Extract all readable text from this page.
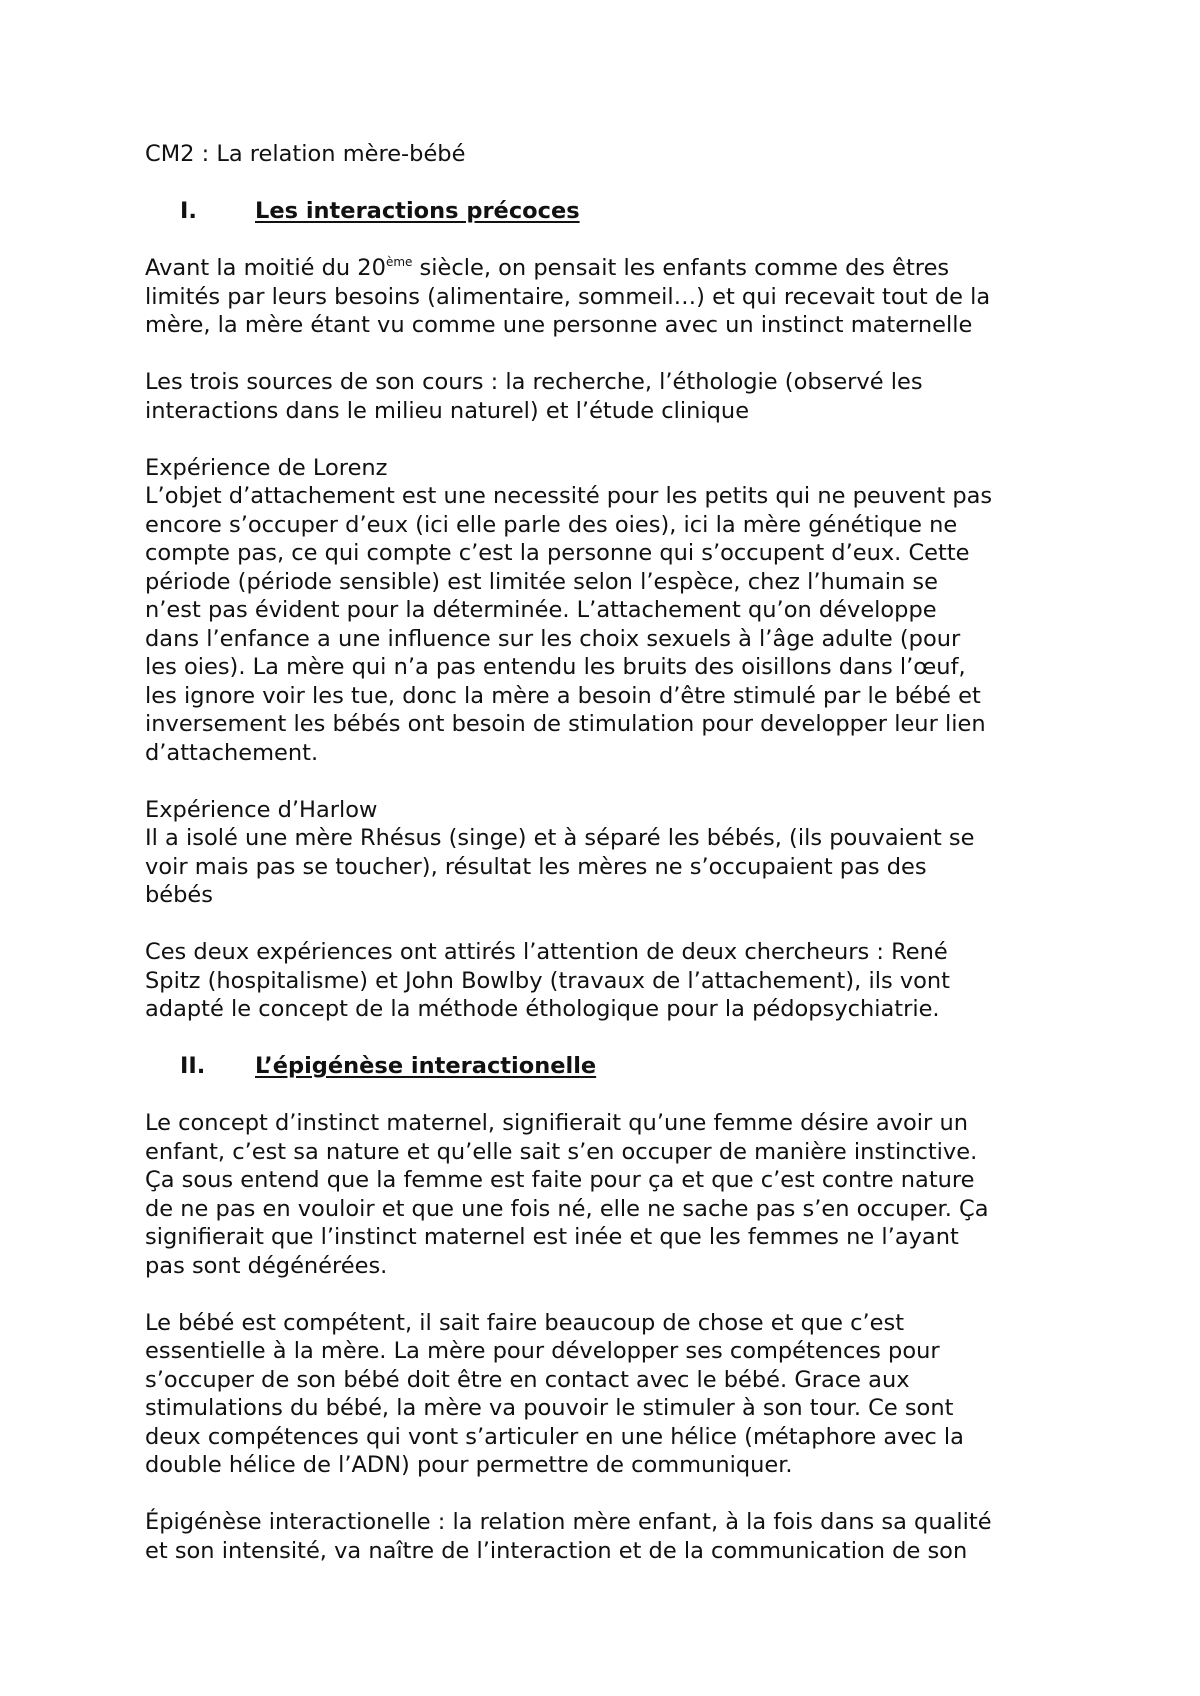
CM2 : La relation mère-bébé
I.	Les interactions précoces
Avant la moitié du 20ème siècle, on pensait les enfants comme des êtres
limités par leurs besoins (alimentaire, sommeil…) et qui recevait tout de la
mère, la mère étant vu comme une personne avec un instinct maternelle
Les trois sources de son cours : la recherche, l’éthologie (observé les
interactions dans le milieu naturel) et l’étude clinique
Expérience de Lorenz
L’objet d’attachement est une necessité pour les petits qui ne peuvent pas
encore s’occuper d’eux (ici elle parle des oies), ici la mère génétique ne
compte pas, ce qui compte c’est la personne qui s’occupent d’eux. Cette
période (période sensible) est limitée selon l’espèce, chez l’humain se
n’est pas évident pour la déterminée. L’attachement qu’on développe
dans l’enfance a une influence sur les choix sexuels à l’âge adulte (pour
les oies). La mère qui n’a pas entendu les bruits des oisillons dans l’œuf,
les ignore voir les tue, donc la mère a besoin d’être stimulé par le bébé et
inversement les bébés ont besoin de stimulation pour developper leur lien
d’attachement.
Expérience d’Harlow
Il a isolé une mère Rhésus (singe) et à séparé les bébés, (ils pouvaient se
voir mais pas se toucher), résultat les mères ne s’occupaient pas des
bébés
Ces deux expériences ont attirés l’attention de deux chercheurs : René
Spitz (hospitalisme) et John Bowlby (travaux de l’attachement), ils vont
adapté le concept de la méthode éthologique pour la pédopsychiatrie.
II. L’épigénèse interactionelle
Le concept d’instinct maternel, signifierait qu’une femme désire avoir un
enfant, c’est sa nature et qu’elle sait s’en occuper de manière instinctive.
Ça sous entend que la femme est faite pour ça et que c’est contre nature
de ne pas en vouloir et que une fois né, elle ne sache pas s’en occuper. Ça
signifierait que l’instinct maternel est inée et que les femmes ne l’ayant
pas sont dégénérées.
Le bébé est compétent, il sait faire beaucoup de chose et que c’est
essentielle à la mère. La mère pour développer ses compétences pour
s’occuper de son bébé doit être en contact avec le bébé. Grace aux
stimulations du bébé, la mère va pouvoir le stimuler à son tour. Ce sont
deux compétences qui vont s’articuler en une hélice (métaphore avec la
double hélice de l’ADN) pour permettre de communiquer.
Épigénèse interactionelle : la relation mère enfant, à la fois dans sa qualité
et son intensité, va naître de l’interaction et de la communication de son
